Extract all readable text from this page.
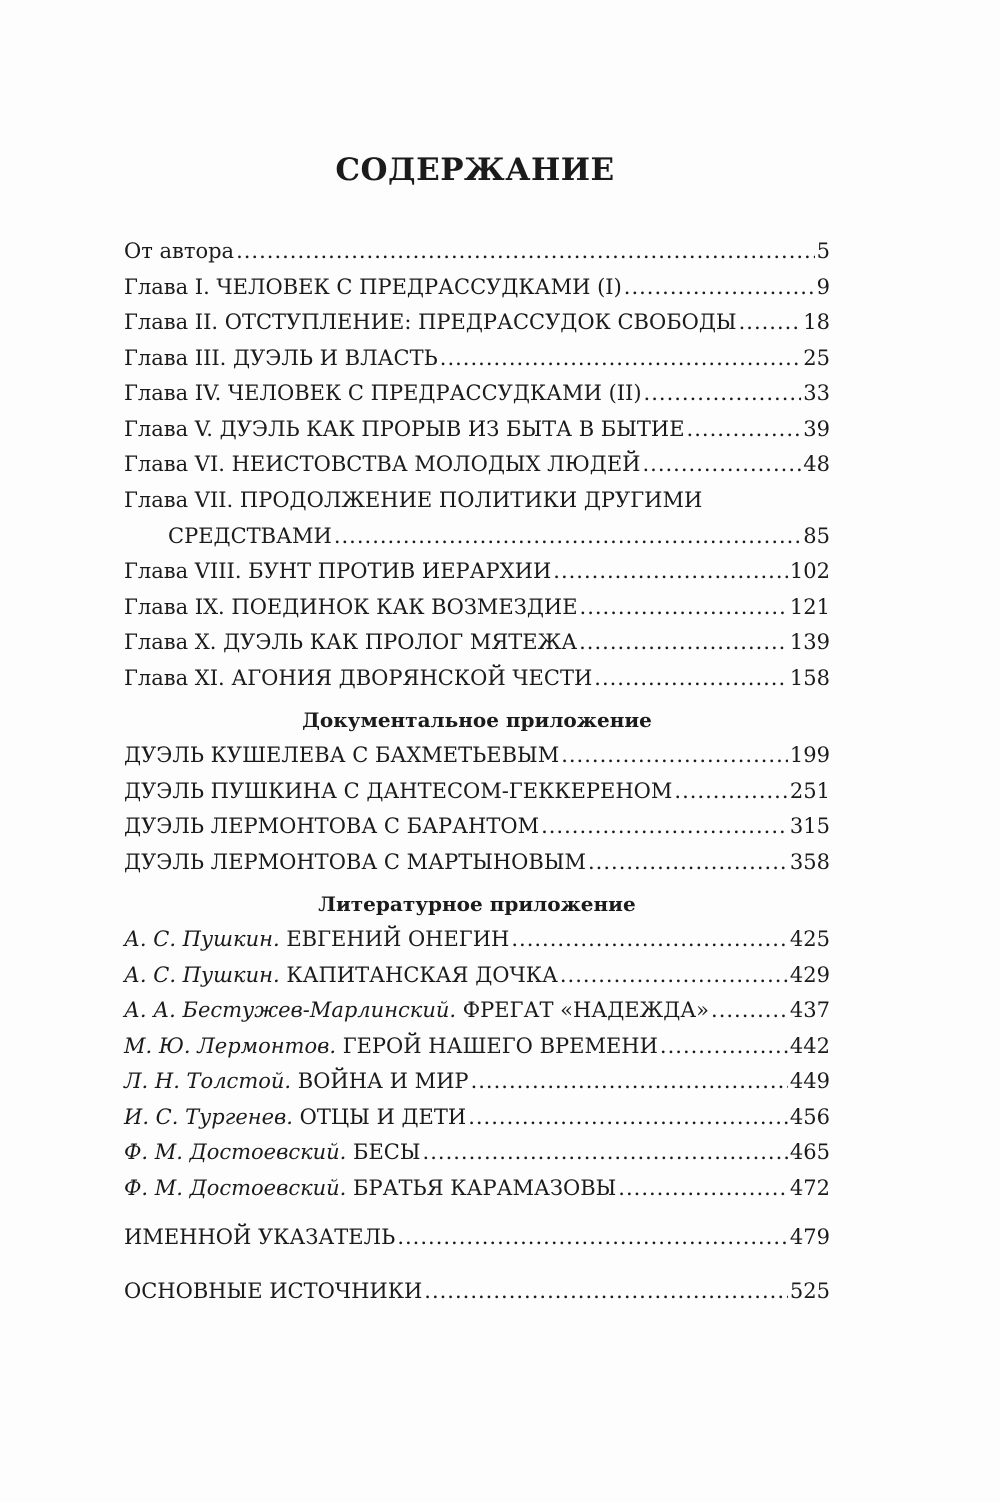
СОДЕРЖАНИЕ
От автора .....	5
Глава I. ЧЕЛОВЕК С ПРЕДРАССУДКАМИ (I) .....	9
Глава II. ОТСТУПЛЕНИЕ: ПРЕДРАССУДОК СВОБОДЫ .....	18
Глава III. ДУЭЛЬ И ВЛАСТЬ .....	25
Глава IV. ЧЕЛОВЕК С ПРЕДРАССУДКАМИ (II) .....	33
Глава V. ДУЭЛЬ КАК ПРОРЫВ ИЗ БЫТА В БЫТИЕ .....	39
Глава VI. НЕИСТОВСТВА МОЛОДЫХ ЛЮДЕЙ .....	48
Глава VII. ПРОДОЛЖЕНИЕ ПОЛИТИКИ ДРУГИМИ
СРЕДСТВАМИ .....	85
Глава VIII. БУНТ ПРОТИВ ИЕРАРХИИ .....	102
Глава IX. ПОЕДИНОК КАК ВОЗМЕЗДИЕ .....	121
Глава X. ДУЭЛЬ КАК ПРОЛОГ МЯТЕЖА .....	139
Глава XI. АГОНИЯ ДВОРЯНСКОЙ ЧЕСТИ .....	158
Документальное приложение
ДУЭЛЬ КУШЕЛЕВА С БАХМЕТЬЕВЫМ .....	199
ДУЭЛЬ ПУШКИНА С ДАНТЕСОМ-ГЕККЕРЕНОМ .....	251
ДУЭЛЬ ЛЕРМОНТОВА С БАРАНТОМ .....	315
ДУЭЛЬ ЛЕРМОНТОВА С МАРТЫНОВЫМ .....	358
Литературное приложение
А. С. Пушкин. ЕВГЕНИЙ ОНЕГИН .....	425
А. С. Пушкин. КАПИТАНСКАЯ ДОЧКА .....	429
А. А. Бестужев-Марлинский. ФРЕГАТ «НАДЕЖДА» .....	437
М. Ю. Лермонтов. ГЕРОЙ НАШЕГО ВРЕМЕНИ .....	442
Л. Н. Толстой. ВОЙНА И МИР .....	449
И. С. Тургенев. ОТЦЫ И ДЕТИ .....	456
Ф. М. Достоевский. БЕСЫ .....	465
Ф. М. Достоевский. БРАТЬЯ КАРАМАЗОВЫ .....	472
ИМЕННОЙ УКАЗАТЕЛЬ .....	479
ОСНОВНЫЕ ИСТОЧНИКИ .....	525
